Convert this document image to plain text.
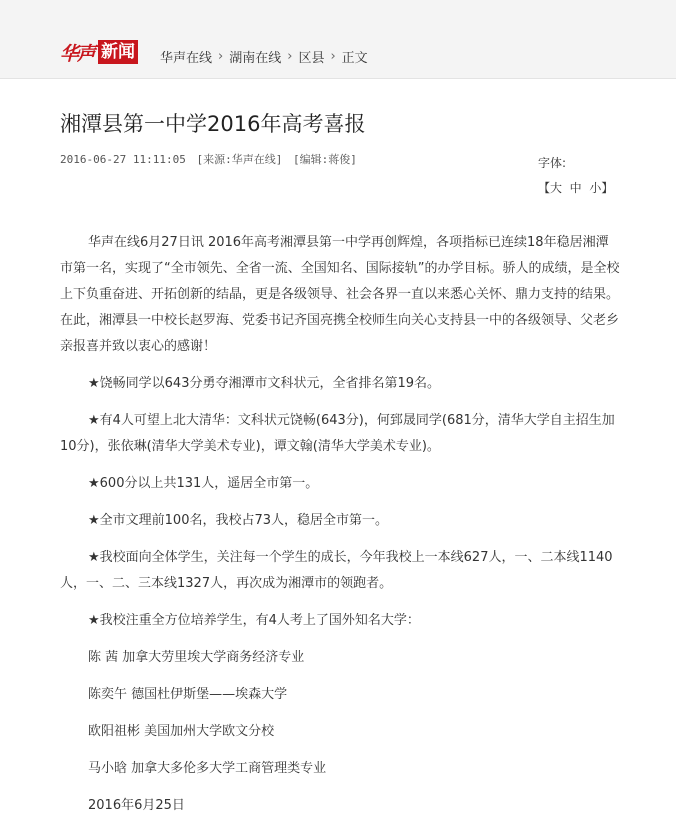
华声 新闻 华声在线 › 湖南在线 › 区县 › 正文
湘潭县第一中学2016年高考喜报
2016-06-27 11:11:05 [来源:华声在线] [编辑:蒋俊]	字体:【大 中 小】

华声在线6月27日讯 2016年高考湘潭县第一中学再创辉煌，各项指标已连续18年稳居湘潭市第一名，实现了“全市领先、全省一流、全国知名、国际接轨”的办学目标。骄人的成绩，是全校上下负重奋进、开拓创新的结晶，更是各级领导、社会各界一直以来悉心关怀、鼎力支持的结果。在此，湘潭县一中校长赵罗海、党委书记齐国亮携全校师生向关心支持县一中的各级领导、父老乡亲报喜并致以衷心的感谢！

★饶畅同学以643分勇夺湘潭市文科状元，全省排名第19名。

★有4人可望上北大清华：文科状元饶畅(643分)，何郅晟同学(681分，清华大学自主招生加10分)，张依琳(清华大学美术专业)，谭文翰(清华大学美术专业)。

★600分以上共131人，遥居全市第一。

★全市文理前100名，我校占73人，稳居全市第一。

★我校面向全体学生，关注每一个学生的成长，今年我校上一本线627人，一、二本线1140人，一、二、三本线1327人，再次成为湘潭市的领跑者。

★我校注重全方位培养学生，有4人考上了国外知名大学：

陈 茜 加拿大劳里埃大学商务经济专业

陈奕午 德国杜伊斯堡——埃森大学

欧阳祖彬 美国加州大学欧文分校

马小晗 加拿大多伦多大学工商管理类专业

2016年6月25日
